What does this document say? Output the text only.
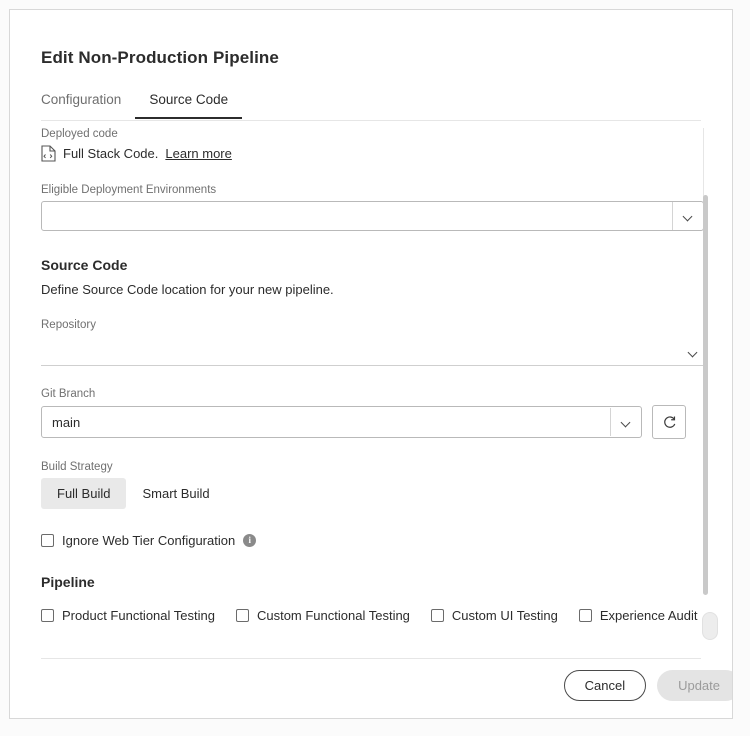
Edit Non-Production Pipeline
Configuration	Source Code
Deployed code
Full Stack Code. Learn more
Eligible Deployment Environments
Source Code
Define Source Code location for your new pipeline.
Repository
Git Branch
main
Build Strategy
Full Build	Smart Build
Ignore Web Tier Configuration	i
Pipeline
Product Functional Testing	Custom Functional Testing	Custom UI Testing	Experience Audit
Cancel	Update
